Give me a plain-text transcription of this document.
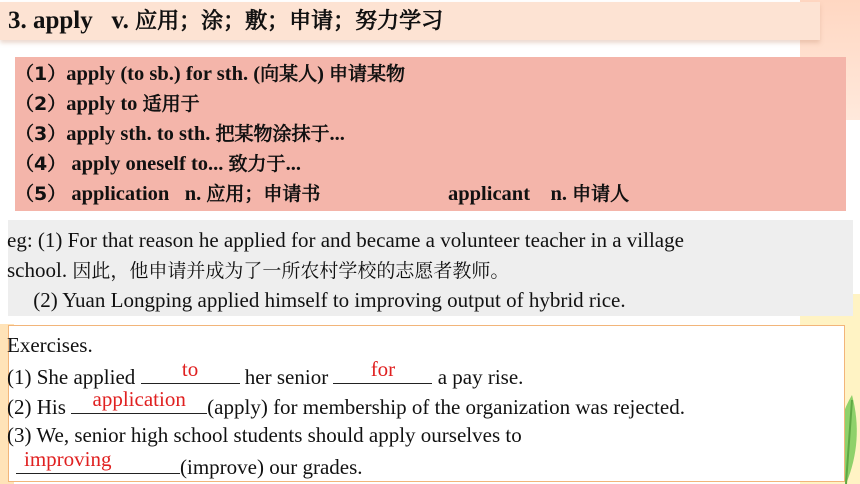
3. apply   v. 应用；涂；敷；申请；努力学习
（1）apply (to sb.) for sth. (向某人) 申请某物
（2）apply to 适用于
（3）apply sth. to sth. 把某物涂抹于...
（4） apply oneself to... 致力于...
（5） application   n. 应用；申请书	applicant    n. 申请人
eg: (1) For that reason he applied for and became a volunteer teacher in a village
school. 因此，他申请并成为了一所农村学校的志愿者教师。
(2) Yuan Longping applied himself to improving output of hybrid rice.
Exercises.
(1) She applied	to	her senior	for	a pay rise.
(2) His	application	(apply) for membership of the organization was rejected.
(3) We, senior high school students should apply ourselves to
improving	(improve) our grades.
